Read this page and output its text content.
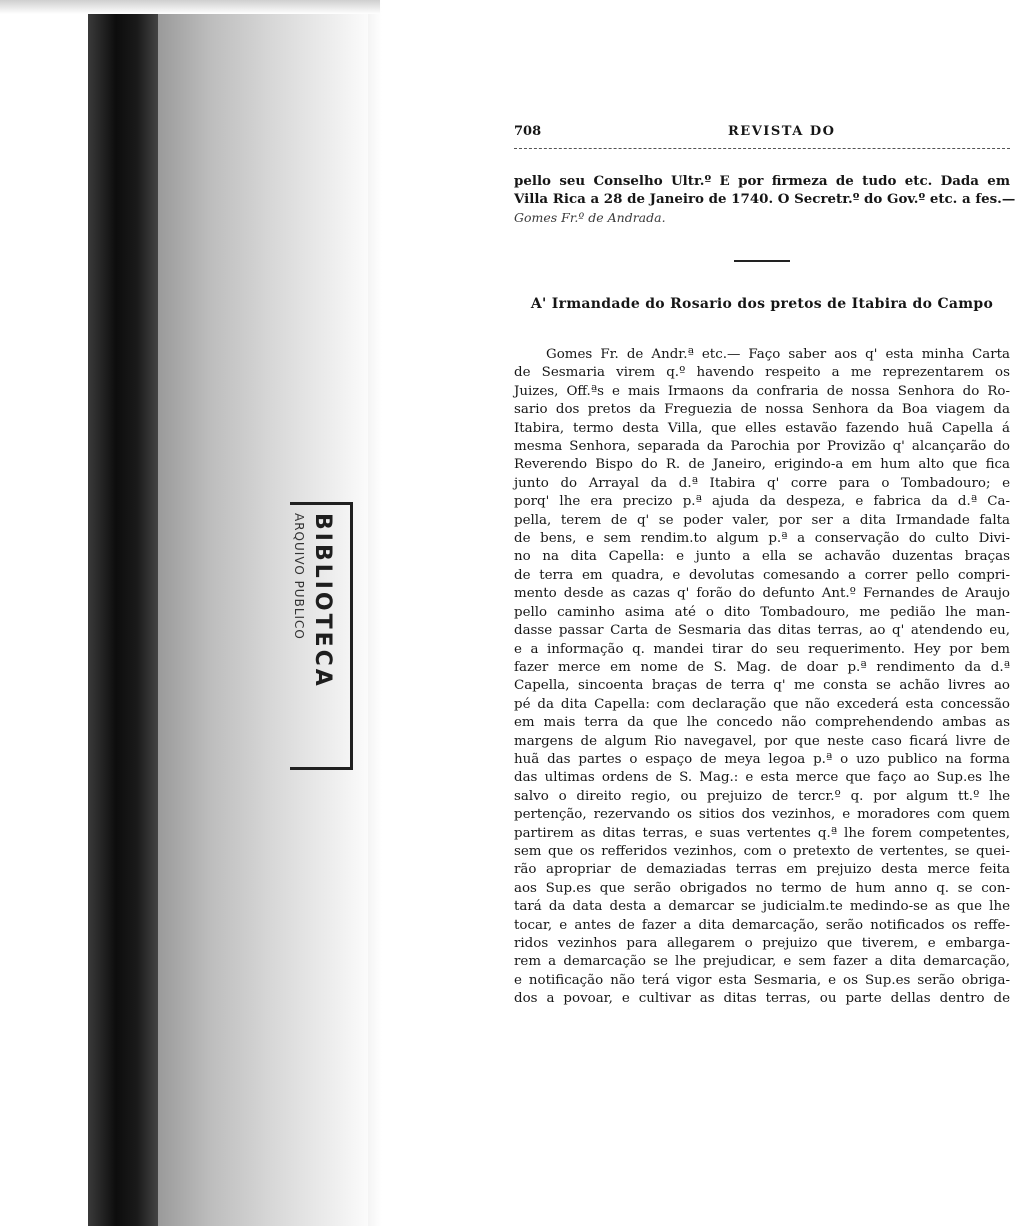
ARQUIVO PUBLICO BIBLIOTECA
708	REVISTA DO
pello seu Conselho Ultr.º E por firmeza de tudo etc. Dada em
Villa Rica a 28 de Janeiro de 1740. O Secretr.º do Gov.º etc. a fes.—
Gomes Fr.º de Andrada.
A' Irmandade do Rosario dos pretos de Itabira do Campo
Gomes Fr. de Andr.ª etc.— Faço saber aos q' esta minha Carta
de Sesmaria virem q.º havendo respeito a me reprezentarem os
Juizes, Off.ªs e mais Irmaons da confraria de nossa Senhora do Ro-
sario dos pretos da Freguezia de nossa Senhora da Boa viagem da
Itabira, termo desta Villa, que elles estavão fazendo huã Capella á
mesma Senhora, separada da Parochia por Provizão q' alcançarão do
Reverendo Bispo do R. de Janeiro, erigindo-a em hum alto que fica
junto do Arrayal da d.ª Itabira q' corre para o Tombadouro; e
porq' lhe era precizo p.ª ajuda da despeza, e fabrica da d.ª Ca-
pella, terem de q' se poder valer, por ser a dita Irmandade falta
de bens, e sem rendim.to algum p.ª a conservação do culto Divi-
no na dita Capella: e junto a ella se achavão duzentas braças
de terra em quadra, e devolutas comesando a correr pello compri-
mento desde as cazas q' forão do defunto Ant.º Fernandes de Araujo
pello caminho asima até o dito Tombadouro, me pedião lhe man-
dasse passar Carta de Sesmaria das ditas terras, ao q' atendendo eu,
e a informação q. mandei tirar do seu requerimento. Hey por bem
fazer merce em nome de S. Mag. de doar p.ª rendimento da d.ª
Capella, sincoenta braças de terra q' me consta se achão livres ao
pé da dita Capella: com declaração que não excederá esta concessão
em mais terra da que lhe concedo não comprehendendo ambas as
margens de algum Rio navegavel, por que neste caso ficará livre de
huã das partes o espaço de meya legoa p.ª o uzo publico na forma
das ultimas ordens de S. Mag.: e esta merce que faço ao Sup.es lhe
salvo o direito regio, ou prejuizo de tercr.º q. por algum tt.º lhe
pertenção, rezervando os sitios dos vezinhos, e moradores com quem
partirem as ditas terras, e suas vertentes q.ª lhe forem competentes,
sem que os refferidos vezinhos, com o pretexto de vertentes, se quei-
rão apropriar de demaziadas terras em prejuizo desta merce feita
aos Sup.es que serão obrigados no termo de hum anno q. se con-
tará da data desta a demarcar se judicialm.te medindo-se as que lhe
tocar, e antes de fazer a dita demarcação, serão notificados os reffe-
ridos vezinhos para allegarem o prejuizo que tiverem, e embarga-
rem a demarcação se lhe prejudicar, e sem fazer a dita demarcação,
e notificação não terá vigor esta Sesmaria, e os Sup.es serão obriga-
dos a povoar, e cultivar as ditas terras, ou parte dellas dentro de
